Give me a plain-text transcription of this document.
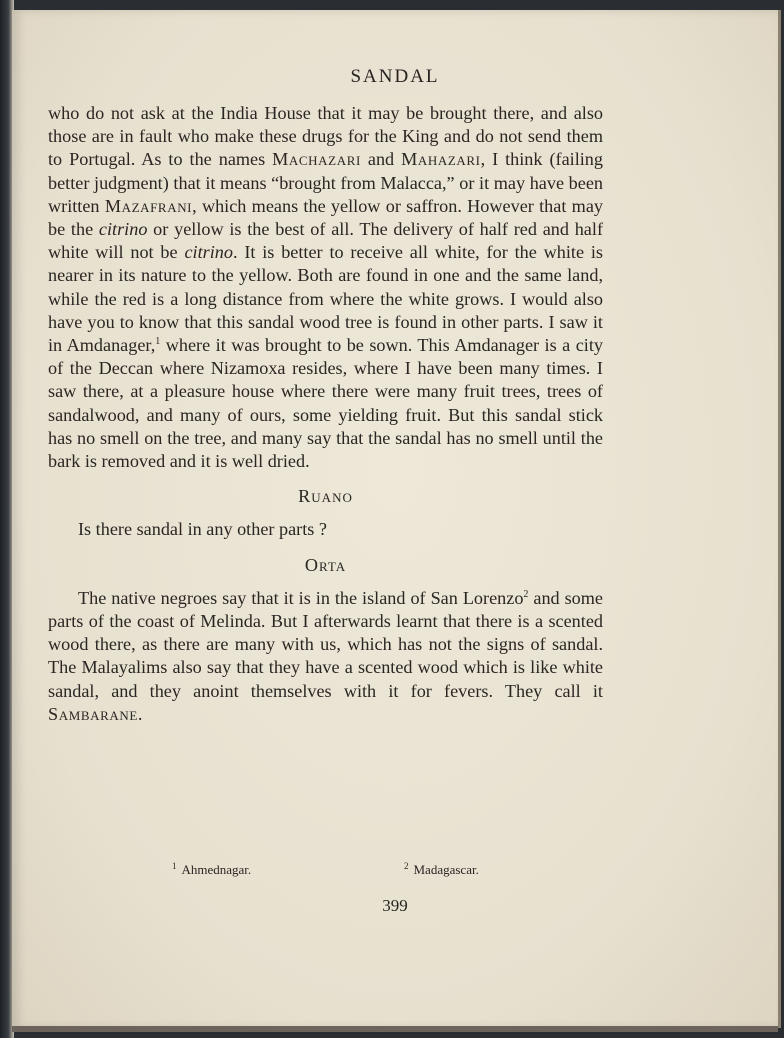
SANDAL

who do not ask at the India House that it may be brought there, and also those are in fault who make these drugs for the King and do not send them to Portugal. As to the names Machazari and Mahazari, I think (failing better judgment) that it means “brought from Malacca,” or it may have been written Mazafrani, which means the yellow or saffron. However that may be the citrino or yellow is the best of all. The delivery of half red and half white will not be citrino. It is better to receive all white, for the white is nearer in its nature to the yellow. Both are found in one and the same land, while the red is a long distance from where the white grows. I would also have you to know that this sandal wood tree is found in other parts. I saw it in Amdanager,$^1$ where it was brought to be sown. This Amdanager is a city of the Deccan where Nizamoxa resides, where I have been many times. I saw there, at a pleasure house where there were many fruit trees, trees of sandalwood, and many of ours, some yielding fruit. But this sandal stick has no smell on the tree, and many say that the sandal has no smell until the bark is removed and it is well dried.

Ruano

Is there sandal in any other parts ?

Orta

The native negroes say that it is in the island of San Lorenzo$^2$ and some parts of the coast of Melinda. But I afterwards learnt that there is a scented wood there, as there are many with us, which has not the signs of sandal. The Malayalims also say that they have a scented wood which is like white sandal, and they anoint themselves with it for fevers. They call it Sambarane.

$^1$ Ahmednagar.	$^2$ Madagascar.
399
